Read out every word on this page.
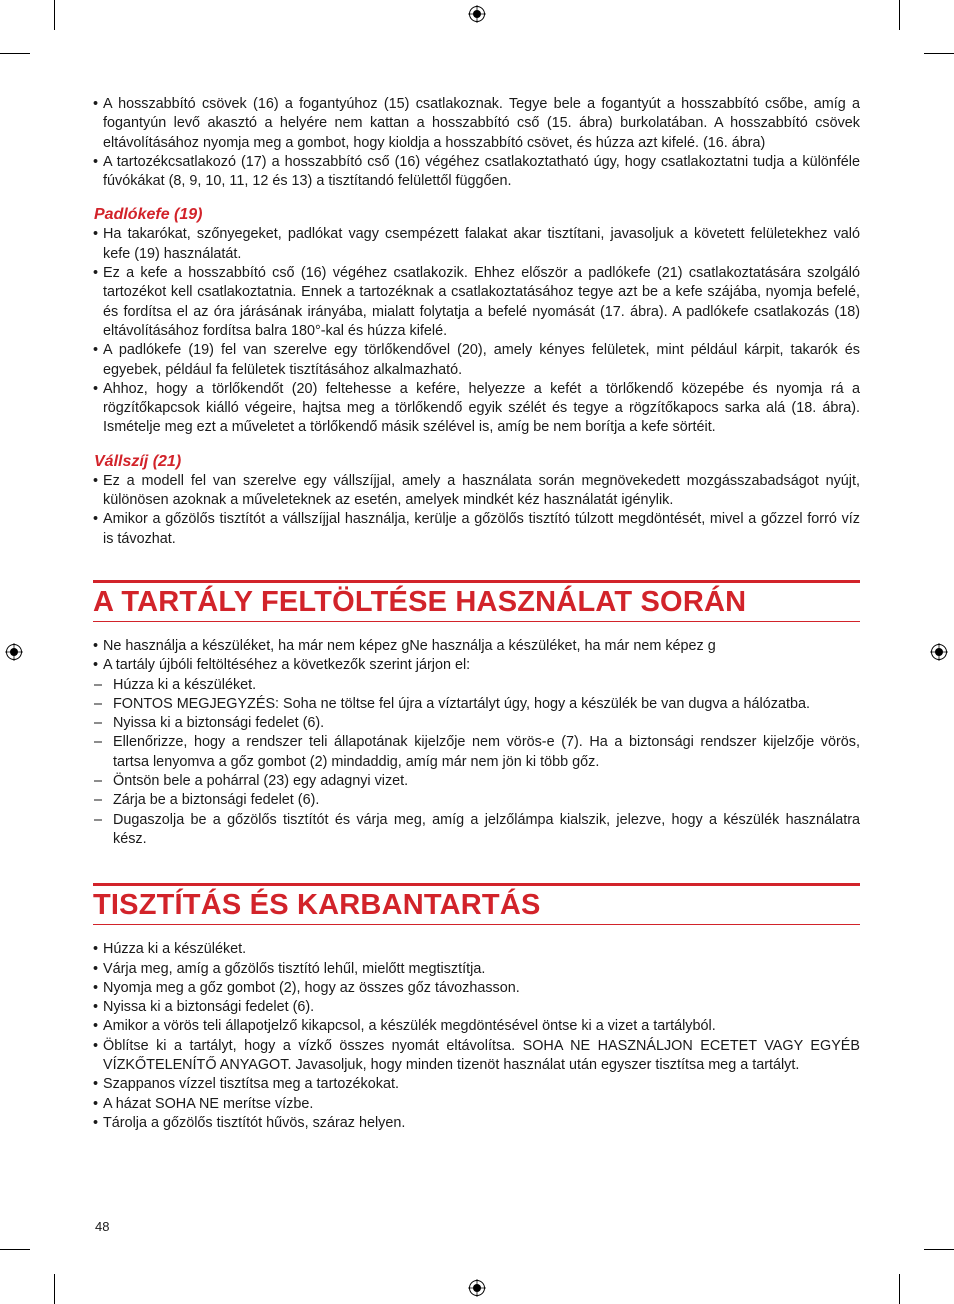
• A hosszabbító csövek (16) a fogantyúhoz (15) csatlakoznak. Tegye bele a fogantyút a hosszabbító csőbe, amíg a fogantyún levő akasztó a helyére nem kattan a hosszabbító cső (15. ábra) burkolatában. A hosszabbító csövek eltávolításához nyomja meg a gombot, hogy kioldja a hosszabbító csövet, és húzza azt kifelé. (16. ábra)
• A tartozékcsatlakozó (17) a hosszabbító cső (16) végéhez csatlakoztatható úgy, hogy csatlakoztatni tudja a különféle fúvókákat (8, 9, 10, 11, 12 és 13) a tisztítandó felülettől függően.
Padlókefe (19)
• Ha takarókat, szőnyegeket, padlókat vagy csempézett falakat akar tisztítani, javasoljuk a követett felületekhez való kefe (19) használatát.
• Ez a kefe a hosszabbító cső (16) végéhez csatlakozik. Ehhez először a padlókefe (21) csatlakoztatására szolgáló tartozékot kell csatlakoztatnia. Ennek a tartozéknak a csatlakoztatásához tegye azt be a kefe szájába, nyomja befelé, és fordítsa el az óra járásának irányába, mialatt folytatja a befelé nyomását (17. ábra). A padlókefe csatlakozás (18) eltávolításához fordítsa balra 180°-kal és húzza kifelé.
• A padlókefe (19) fel van szerelve egy törlőkendővel (20), amely kényes felületek, mint például kárpit, takarók és egyebek, például fa felületek tisztításához alkalmazható.
• Ahhoz, hogy a törlőkendőt (20) feltehesse a kefére, helyezze a kefét a törlőkendő közepébe és nyomja rá a rögzítőkapcsok kiálló végeire, hajtsa meg a törlőkendő egyik szélét és tegye a rögzítőkapocs sarka alá (18. ábra). Ismételje meg ezt a műveletet a törlőkendő másik szélével is, amíg be nem borítja a kefe sörtéit.
Vállszíj (21)
• Ez a modell fel van szerelve egy vállszíjjal, amely a használata során megnövekedett mozgásszabadságot nyújt, különösen azoknak a műveleteknek az esetén, amelyek mindkét kéz használatát igénylik.
• Amikor a gőzölős tisztítót a vállszíjjal használja, kerülje a gőzölős tisztító túlzott megdöntését, mivel a gőzzel forró víz is távozhat.
A TARTÁLY FELTÖLTÉSE HASZNÁLAT SORÁN
• Ne használja a készüléket, ha már nem képez gNe használja a készüléket, ha már nem képez g
• A tartály újbóli feltöltéséhez a következők szerint járjon el:
– Húzza ki a készüléket.
– FONTOS MEGJEGYZÉS: Soha ne töltse fel újra a víztartályt úgy, hogy a készülék be van dugva a hálózatba.
– Nyissa ki a biztonsági fedelet (6).
– Ellenőrizze, hogy a rendszer teli állapotának kijelzője nem vörös-e (7). Ha a biztonsági rendszer kijelzője vörös, tartsa lenyomva a gőz gombot (2) mindaddig, amíg már nem jön ki több gőz.
– Öntsön bele a pohárral (23) egy adagnyi vizet.
– Zárja be a biztonsági fedelet (6).
– Dugaszolja be a gőzölős tisztítót és várja meg, amíg a jelzőlámpa kialszik, jelezve, hogy a készülék használatra kész.
TISZTÍTÁS ÉS KARBANTARTÁS
• Húzza ki a készüléket.
• Várja meg, amíg a gőzölős tisztító lehűl, mielőtt megtisztítja.
• Nyomja meg a gőz gombot (2), hogy az összes gőz távozhasson.
• Nyissa ki a biztonsági fedelet (6).
• Amikor a vörös teli állapotjelző kikapcsol, a készülék megdöntésével öntse ki a vizet a tartályból.
• Öblítse ki a tartályt, hogy a vízkő összes nyomát eltávolítsa. SOHA NE HASZNÁLJON ECETET VAGY EGYÉB VÍZKŐTELENÍTŐ ANYAGOT. Javasoljuk, hogy minden tizenöt használat után egyszer tisztítsa meg a tartályt.
• Szappanos vízzel tisztítsa meg a tartozékokat.
• A házat SOHA NE merítse vízbe.
• Tárolja a gőzölős tisztítót hűvös, száraz helyen.
48
